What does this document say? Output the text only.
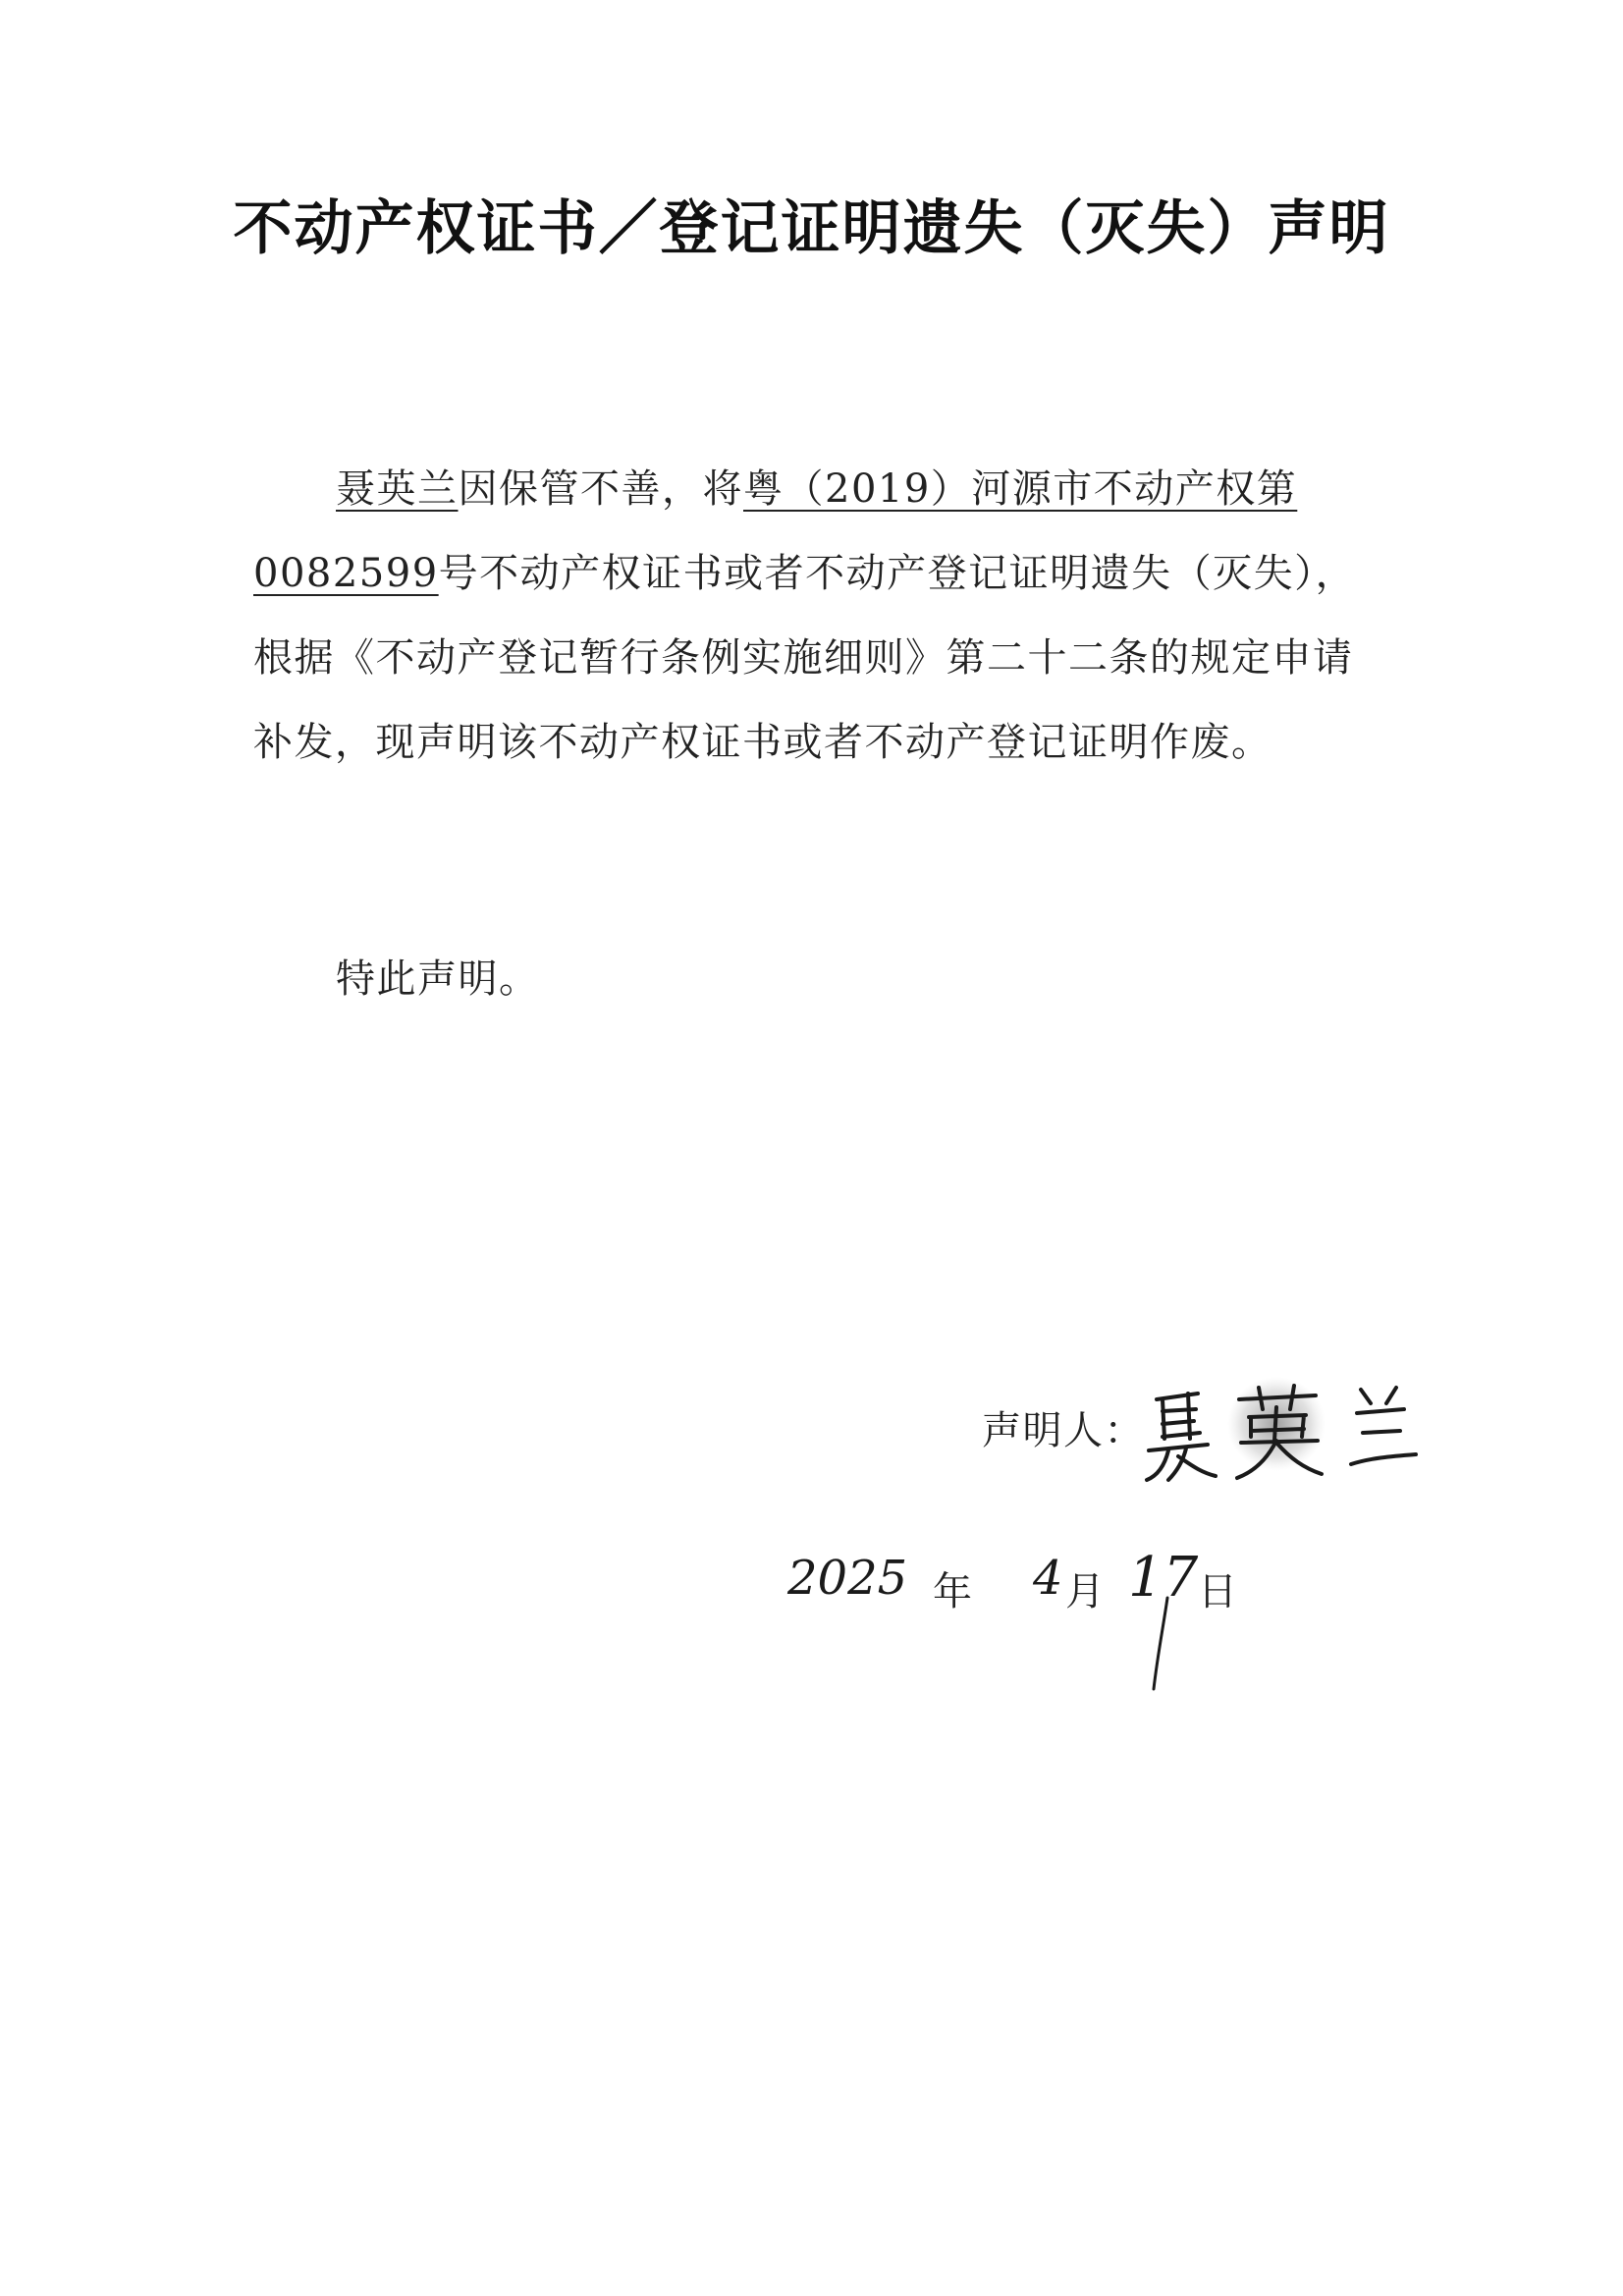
不动产权证书／登记证明遗失（灭失）声明

聂英兰因保管不善，将粤（2019）河源市不动产权第0082599号不动产权证书或者不动产登记证明遗失（灭失），根据《不动产登记暂行条例实施细则》第二十二条的规定申请补发，现声明该不动产权证书或者不动产登记证明作废。

特此声明。
声明人：
2025 年 4 月 17 日
